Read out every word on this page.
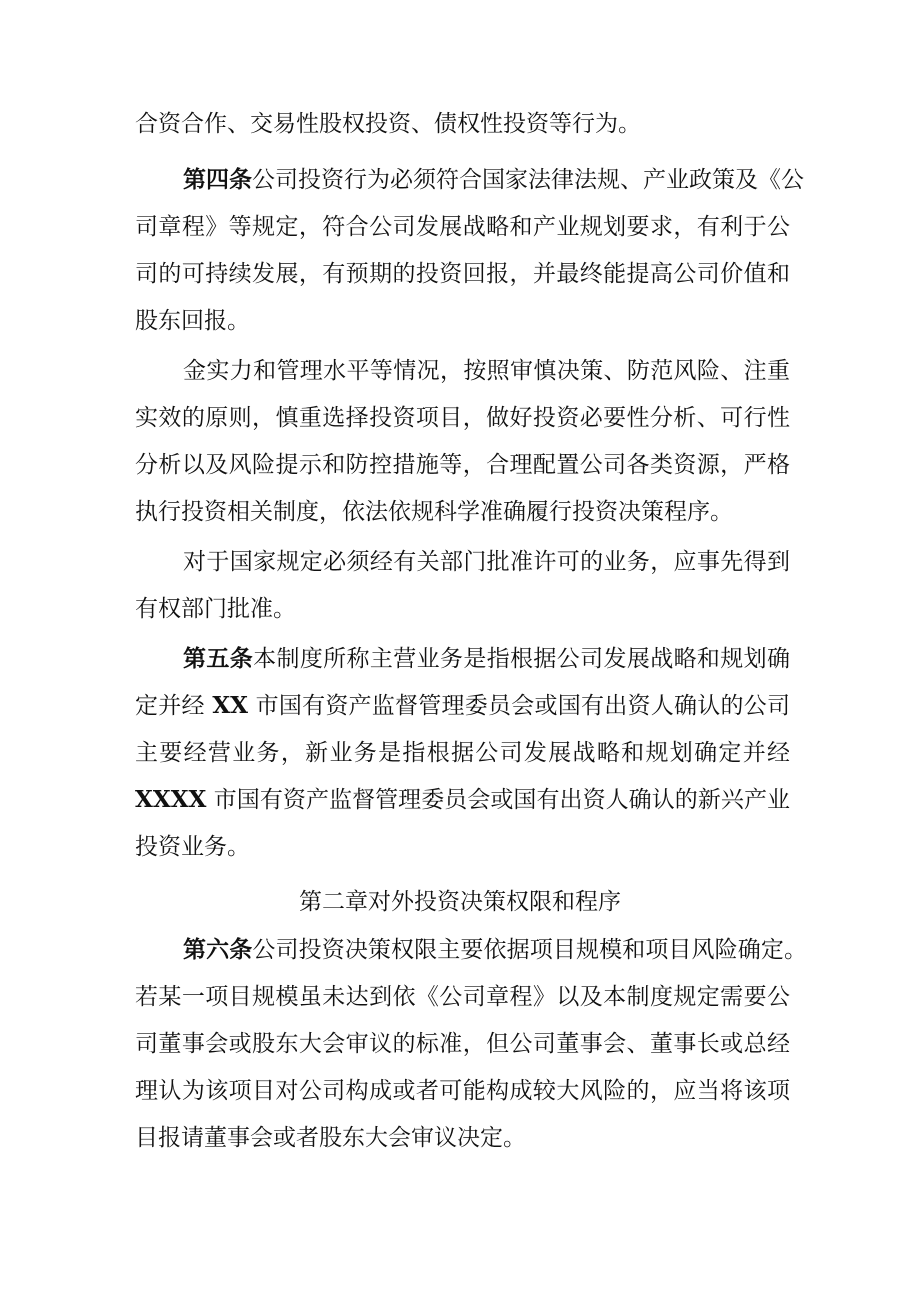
合资合作、交易性股权投资、债权性投资等行为。
第四条公司投资行为必须符合国家法律法规、产业政策及《公
司章程》等规定，符合公司发展战略和产业规划要求，有利于公
司的可持续发展，有预期的投资回报，并最终能提高公司价值和
股东回报。
金实力和管理水平等情况，按照审慎决策、防范风险、注重
实效的原则，慎重选择投资项目，做好投资必要性分析、可行性
分析以及风险提示和防控措施等，合理配置公司各类资源，严格
执行投资相关制度，依法依规科学准确履行投资决策程序。
对于国家规定必须经有关部门批准许可的业务，应事先得到
有权部门批准。
第五条本制度所称主营业务是指根据公司发展战略和规划确
定并经 XX 市国有资产监督管理委员会或国有出资人确认的公司
主要经营业务，新业务是指根据公司发展战略和规划确定并经
XXXX 市国有资产监督管理委员会或国有出资人确认的新兴产业
投资业务。
第二章对外投资决策权限和程序
第六条公司投资决策权限主要依据项目规模和项目风险确定。
若某一项目规模虽未达到依《公司章程》以及本制度规定需要公
司董事会或股东大会审议的标准，但公司董事会、董事长或总经
理认为该项目对公司构成或者可能构成较大风险的，应当将该项
目报请董事会或者股东大会审议决定。
